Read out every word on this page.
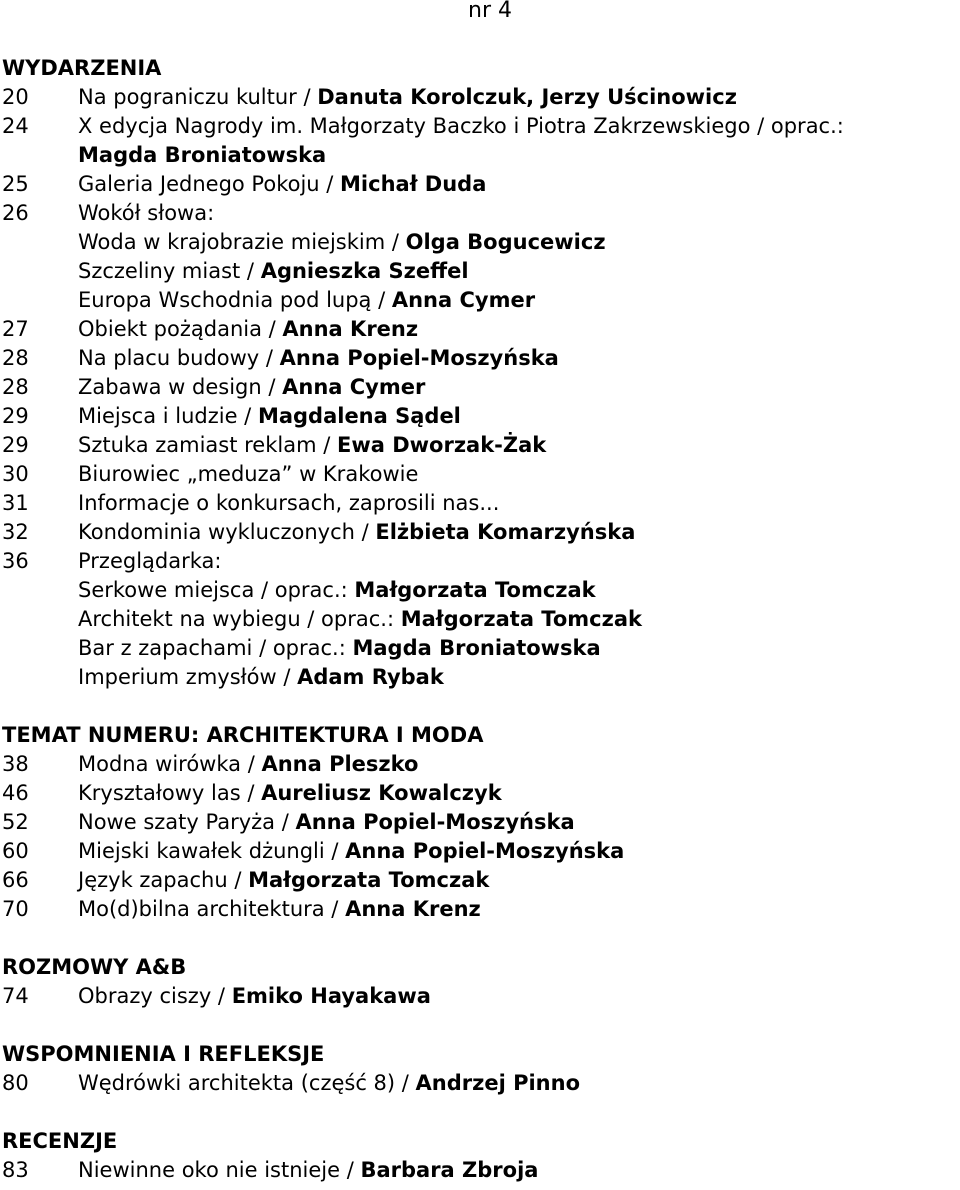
nr 4
WYDARZENIA
20	Na pograniczu kultur / Danuta Korolczuk, Jerzy Uścinowicz
24	X edycja Nagrody im. Małgorzaty Baczko i Piotra Zakrzewskiego / oprac.:
Magda Broniatowska
25	Galeria Jednego Pokoju / Michał Duda
26	Wokół słowa:
Woda w krajobrazie miejskim / Olga Bogucewicz
Szczeliny miast / Agnieszka Szeffel
Europa Wschodnia pod lupą / Anna Cymer
27	Obiekt pożądania / Anna Krenz
28	Na placu budowy / Anna Popiel-Moszyńska
28	Zabawa w design / Anna Cymer
29	Miejsca i ludzie / Magdalena Sądel
29	Sztuka zamiast reklam / Ewa Dworzak-Żak
30	Biurowiec „meduza” w Krakowie
31	Informacje o konkursach, zaprosili nas...
32	Kondominia wykluczonych / Elżbieta Komarzyńska
36	Przeglądarka:
Serkowe miejsca / oprac.: Małgorzata Tomczak
Architekt na wybiegu / oprac.: Małgorzata Tomczak
Bar z zapachami / oprac.: Magda Broniatowska
Imperium zmysłów / Adam Rybak
TEMAT NUMERU: ARCHITEKTURA I MODA
38	Modna wirówka / Anna Pleszko
46	Kryształowy las / Aureliusz Kowalczyk
52	Nowe szaty Paryża / Anna Popiel-Moszyńska
60	Miejski kawałek dżungli / Anna Popiel-Moszyńska
66	Język zapachu / Małgorzata Tomczak
70	Mo(d)bilna architektura / Anna Krenz
ROZMOWY A&B
74	Obrazy ciszy / Emiko Hayakawa
WSPOMNIENIA I REFLEKSJE
80	Wędrówki architekta (część 8) / Andrzej Pinno
RECENZJE
83	Niewinne oko nie istnieje / Barbara Zbroja
